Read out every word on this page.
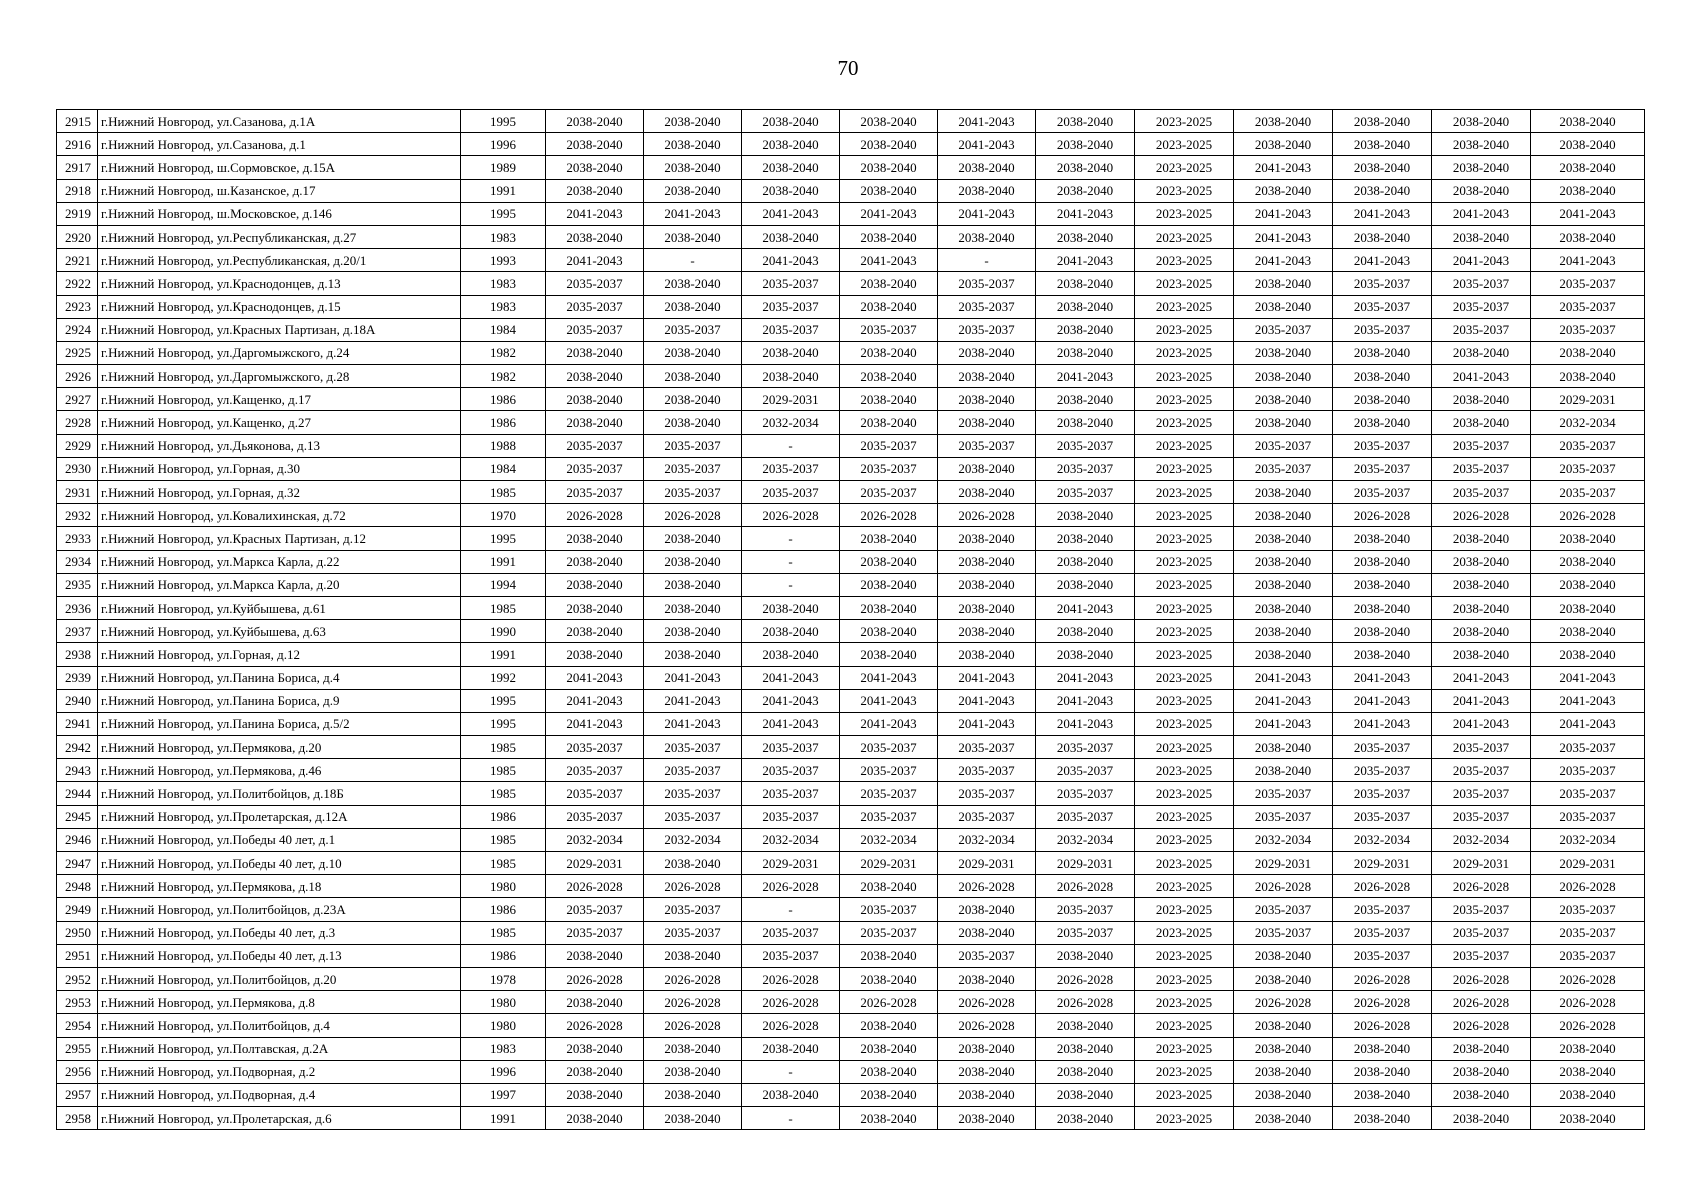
70
2915	г.Нижний Новгород, ул.Сазанова, д.1А	1995	2038-2040	2038-2040	2038-2040	2038-2040	2041-2043	2038-2040	2023-2025	2038-2040	2038-2040	2038-2040	2038-2040
2916	г.Нижний Новгород, ул.Сазанова, д.1	1996	2038-2040	2038-2040	2038-2040	2038-2040	2041-2043	2038-2040	2023-2025	2038-2040	2038-2040	2038-2040	2038-2040
2917	г.Нижний Новгород, ш.Сормовское, д.15А	1989	2038-2040	2038-2040	2038-2040	2038-2040	2038-2040	2038-2040	2023-2025	2041-2043	2038-2040	2038-2040	2038-2040
2918	г.Нижний Новгород, ш.Казанское, д.17	1991	2038-2040	2038-2040	2038-2040	2038-2040	2038-2040	2038-2040	2023-2025	2038-2040	2038-2040	2038-2040	2038-2040
2919	г.Нижний Новгород, ш.Московское, д.146	1995	2041-2043	2041-2043	2041-2043	2041-2043	2041-2043	2041-2043	2023-2025	2041-2043	2041-2043	2041-2043	2041-2043
2920	г.Нижний Новгород, ул.Республиканская, д.27	1983	2038-2040	2038-2040	2038-2040	2038-2040	2038-2040	2038-2040	2023-2025	2041-2043	2038-2040	2038-2040	2038-2040
2921	г.Нижний Новгород, ул.Республиканская, д.20/1	1993	2041-2043	-	2041-2043	2041-2043	-	2041-2043	2023-2025	2041-2043	2041-2043	2041-2043	2041-2043
2922	г.Нижний Новгород, ул.Краснодонцев, д.13	1983	2035-2037	2038-2040	2035-2037	2038-2040	2035-2037	2038-2040	2023-2025	2038-2040	2035-2037	2035-2037	2035-2037
2923	г.Нижний Новгород, ул.Краснодонцев, д.15	1983	2035-2037	2038-2040	2035-2037	2038-2040	2035-2037	2038-2040	2023-2025	2038-2040	2035-2037	2035-2037	2035-2037
2924	г.Нижний Новгород, ул.Красных Партизан, д.18А	1984	2035-2037	2035-2037	2035-2037	2035-2037	2035-2037	2038-2040	2023-2025	2035-2037	2035-2037	2035-2037	2035-2037
2925	г.Нижний Новгород, ул.Даргомыжского, д.24	1982	2038-2040	2038-2040	2038-2040	2038-2040	2038-2040	2038-2040	2023-2025	2038-2040	2038-2040	2038-2040	2038-2040
2926	г.Нижний Новгород, ул.Даргомыжского, д.28	1982	2038-2040	2038-2040	2038-2040	2038-2040	2038-2040	2041-2043	2023-2025	2038-2040	2038-2040	2041-2043	2038-2040
2927	г.Нижний Новгород, ул.Кащенко, д.17	1986	2038-2040	2038-2040	2029-2031	2038-2040	2038-2040	2038-2040	2023-2025	2038-2040	2038-2040	2038-2040	2029-2031
2928	г.Нижний Новгород, ул.Кащенко, д.27	1986	2038-2040	2038-2040	2032-2034	2038-2040	2038-2040	2038-2040	2023-2025	2038-2040	2038-2040	2038-2040	2032-2034
2929	г.Нижний Новгород, ул.Дьяконова, д.13	1988	2035-2037	2035-2037	-	2035-2037	2035-2037	2035-2037	2023-2025	2035-2037	2035-2037	2035-2037	2035-2037
2930	г.Нижний Новгород, ул.Горная, д.30	1984	2035-2037	2035-2037	2035-2037	2035-2037	2038-2040	2035-2037	2023-2025	2035-2037	2035-2037	2035-2037	2035-2037
2931	г.Нижний Новгород, ул.Горная, д.32	1985	2035-2037	2035-2037	2035-2037	2035-2037	2038-2040	2035-2037	2023-2025	2038-2040	2035-2037	2035-2037	2035-2037
2932	г.Нижний Новгород, ул.Ковалихинская, д.72	1970	2026-2028	2026-2028	2026-2028	2026-2028	2026-2028	2038-2040	2023-2025	2038-2040	2026-2028	2026-2028	2026-2028
2933	г.Нижний Новгород, ул.Красных Партизан, д.12	1995	2038-2040	2038-2040	-	2038-2040	2038-2040	2038-2040	2023-2025	2038-2040	2038-2040	2038-2040	2038-2040
2934	г.Нижний Новгород, ул.Маркса Карла, д.22	1991	2038-2040	2038-2040	-	2038-2040	2038-2040	2038-2040	2023-2025	2038-2040	2038-2040	2038-2040	2038-2040
2935	г.Нижний Новгород, ул.Маркса Карла, д.20	1994	2038-2040	2038-2040	-	2038-2040	2038-2040	2038-2040	2023-2025	2038-2040	2038-2040	2038-2040	2038-2040
2936	г.Нижний Новгород, ул.Куйбышева, д.61	1985	2038-2040	2038-2040	2038-2040	2038-2040	2038-2040	2041-2043	2023-2025	2038-2040	2038-2040	2038-2040	2038-2040
2937	г.Нижний Новгород, ул.Куйбышева, д.63	1990	2038-2040	2038-2040	2038-2040	2038-2040	2038-2040	2038-2040	2023-2025	2038-2040	2038-2040	2038-2040	2038-2040
2938	г.Нижний Новгород, ул.Горная, д.12	1991	2038-2040	2038-2040	2038-2040	2038-2040	2038-2040	2038-2040	2023-2025	2038-2040	2038-2040	2038-2040	2038-2040
2939	г.Нижний Новгород, ул.Панина Бориса, д.4	1992	2041-2043	2041-2043	2041-2043	2041-2043	2041-2043	2041-2043	2023-2025	2041-2043	2041-2043	2041-2043	2041-2043
2940	г.Нижний Новгород, ул.Панина Бориса, д.9	1995	2041-2043	2041-2043	2041-2043	2041-2043	2041-2043	2041-2043	2023-2025	2041-2043	2041-2043	2041-2043	2041-2043
2941	г.Нижний Новгород, ул.Панина Бориса, д.5/2	1995	2041-2043	2041-2043	2041-2043	2041-2043	2041-2043	2041-2043	2023-2025	2041-2043	2041-2043	2041-2043	2041-2043
2942	г.Нижний Новгород, ул.Пермякова, д.20	1985	2035-2037	2035-2037	2035-2037	2035-2037	2035-2037	2035-2037	2023-2025	2038-2040	2035-2037	2035-2037	2035-2037
2943	г.Нижний Новгород, ул.Пермякова, д.46	1985	2035-2037	2035-2037	2035-2037	2035-2037	2035-2037	2035-2037	2023-2025	2038-2040	2035-2037	2035-2037	2035-2037
2944	г.Нижний Новгород, ул.Политбойцов, д.18Б	1985	2035-2037	2035-2037	2035-2037	2035-2037	2035-2037	2035-2037	2023-2025	2035-2037	2035-2037	2035-2037	2035-2037
2945	г.Нижний Новгород, ул.Пролетарская, д.12А	1986	2035-2037	2035-2037	2035-2037	2035-2037	2035-2037	2035-2037	2023-2025	2035-2037	2035-2037	2035-2037	2035-2037
2946	г.Нижний Новгород, ул.Победы 40 лет, д.1	1985	2032-2034	2032-2034	2032-2034	2032-2034	2032-2034	2032-2034	2023-2025	2032-2034	2032-2034	2032-2034	2032-2034
2947	г.Нижний Новгород, ул.Победы 40 лет, д.10	1985	2029-2031	2038-2040	2029-2031	2029-2031	2029-2031	2029-2031	2023-2025	2029-2031	2029-2031	2029-2031	2029-2031
2948	г.Нижний Новгород, ул.Пермякова, д.18	1980	2026-2028	2026-2028	2026-2028	2038-2040	2026-2028	2026-2028	2023-2025	2026-2028	2026-2028	2026-2028	2026-2028
2949	г.Нижний Новгород, ул.Политбойцов, д.23А	1986	2035-2037	2035-2037	-	2035-2037	2038-2040	2035-2037	2023-2025	2035-2037	2035-2037	2035-2037	2035-2037
2950	г.Нижний Новгород, ул.Победы 40 лет, д.3	1985	2035-2037	2035-2037	2035-2037	2035-2037	2038-2040	2035-2037	2023-2025	2035-2037	2035-2037	2035-2037	2035-2037
2951	г.Нижний Новгород, ул.Победы 40 лет, д.13	1986	2038-2040	2038-2040	2035-2037	2038-2040	2035-2037	2038-2040	2023-2025	2038-2040	2035-2037	2035-2037	2035-2037
2952	г.Нижний Новгород, ул.Политбойцов, д.20	1978	2026-2028	2026-2028	2026-2028	2038-2040	2038-2040	2026-2028	2023-2025	2038-2040	2026-2028	2026-2028	2026-2028
2953	г.Нижний Новгород, ул.Пермякова, д.8	1980	2038-2040	2026-2028	2026-2028	2026-2028	2026-2028	2026-2028	2023-2025	2026-2028	2026-2028	2026-2028	2026-2028
2954	г.Нижний Новгород, ул.Политбойцов, д.4	1980	2026-2028	2026-2028	2026-2028	2038-2040	2026-2028	2038-2040	2023-2025	2038-2040	2026-2028	2026-2028	2026-2028
2955	г.Нижний Новгород, ул.Полтавская, д.2А	1983	2038-2040	2038-2040	2038-2040	2038-2040	2038-2040	2038-2040	2023-2025	2038-2040	2038-2040	2038-2040	2038-2040
2956	г.Нижний Новгород, ул.Подворная, д.2	1996	2038-2040	2038-2040	-	2038-2040	2038-2040	2038-2040	2023-2025	2038-2040	2038-2040	2038-2040	2038-2040
2957	г.Нижний Новгород, ул.Подворная, д.4	1997	2038-2040	2038-2040	2038-2040	2038-2040	2038-2040	2038-2040	2023-2025	2038-2040	2038-2040	2038-2040	2038-2040
2958	г.Нижний Новгород, ул.Пролетарская, д.6	1991	2038-2040	2038-2040	-	2038-2040	2038-2040	2038-2040	2023-2025	2038-2040	2038-2040	2038-2040	2038-2040
